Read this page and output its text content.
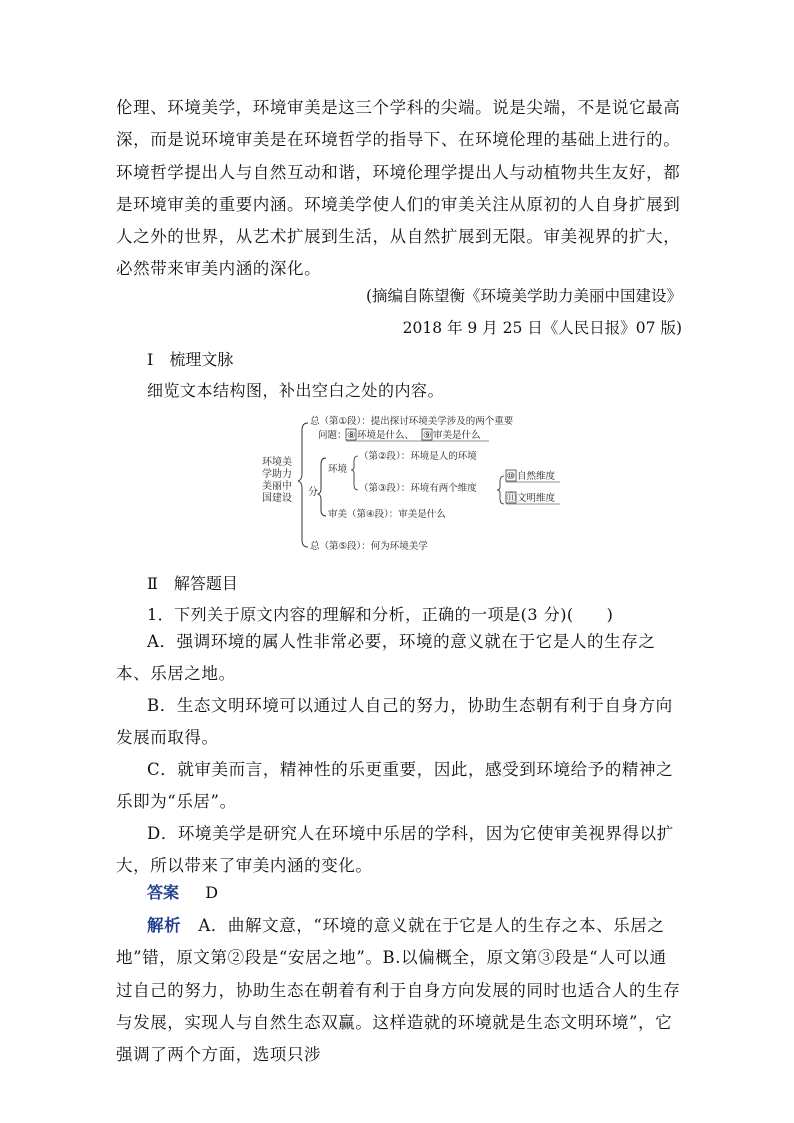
伦理、环境美学，环境审美是这三个学科的尖端。说是尖端，不是说它最高深，而是说环境审美是在环境哲学的指导下、在环境伦理的基础上进行的。环境哲学提出人与自然互动和谐，环境伦理学提出人与动植物共生友好，都是环境审美的重要内涵。环境美学使人们的审美关注从原初的人自身扩展到人之外的世界，从艺术扩展到生活，从自然扩展到无限。审美视界的扩大，必然带来审美内涵的深化。

(摘编自陈望衡《环境美学助力美丽中国建设》
2018 年 9 月 25 日《人民日报》07 版)
Ⅰ　梳理文脉
细览文本结构图，补出空白之处的内容。
环境美
学助力
美丽中
国建设
总（第①段）：提出探讨环境美学涉及的两个重要
问题： ⑧ 环境是什么、 ⑨ 审美是什么
分
环境
（第②段）：环境是人的环境
（第③段）：环境有两个维度
⑩ 自然维度
⑪ 文明维度
审美（第④段）：审美是什么
总（第⑤段）：何为环境美学
Ⅱ　解答题目
1．下列关于原文内容的理解和分析，正确的一项是(3 分)(　　)

A．强调环境的属人性非常必要，环境的意义就在于它是人的生存之本、乐居之地。

B．生态文明环境可以通过人自己的努力，协助生态朝有利于自身方向发展而取得。

C．就审美而言，精神性的乐更重要，因此，感受到环境给予的精神之乐即为“乐居”。

D．环境美学是研究人在环境中乐居的学科，因为它使审美视界得以扩大，所以带来了审美内涵的变化。

答案 　 D

解析　 A．曲解文意，“环境的意义就在于它是人的生存之本、乐居之地”错，原文第②段是“安居之地”。B.以偏概全，原文第③段是“人可以通过自己的努力，协助生态在朝着有利于自身方向发展的同时也适合人的生存与发展，实现人与自然生态双赢。这样造就的环境就是生态文明环境”，它强调了两个方面，选项只涉
